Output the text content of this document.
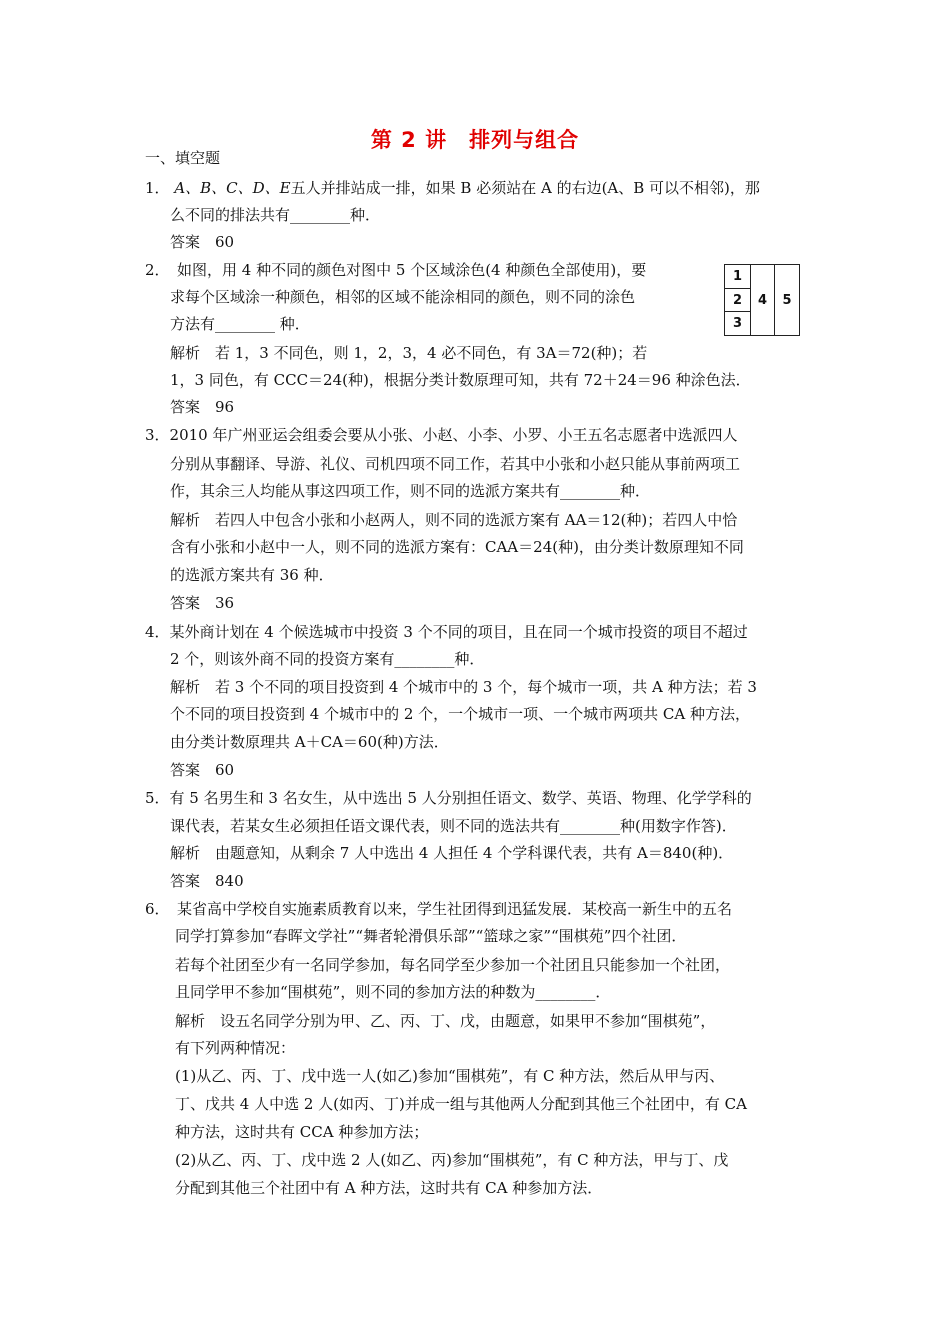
第 2 讲　排列与组合
一、填空题
1． A、B、C、D、E五人并排站成一排，如果 B 必须站在 A 的右边(A、B 可以不相邻)，那
么不同的排法共有________种．
答案　60
2．　如图，用 4 种不同的颜色对图中 5 个区域涂色(4 种颜色全部使用)，要
求每个区域涂一种颜色，相邻的区域不能涂相同的颜色，则不同的涂色
方法有________ 种．
解析　若 1，3 不同色，则 1，2，3，4 必不同色，有 3A＝72(种)；若
1，3 同色，有 CCC＝24(种)，根据分类计数原理可知，共有 72＋24＝96 种涂色法．
答案　96
1
2
3
4	5
3．2010 年广州亚运会组委会要从小张、小赵、小李、小罗、小王五名志愿者中选派四人
分别从事翻译、导游、礼仪、司机四项不同工作，若其中小张和小赵只能从事前两项工
作，其余三人均能从事这四项工作，则不同的选派方案共有________种．
解析　若四人中包含小张和小赵两人，则不同的选派方案有 AA＝12(种)；若四人中恰
含有小张和小赵中一人，则不同的选派方案有：CAA＝24(种)，由分类计数原理知不同
的选派方案共有 36 种．
答案　36
4．某外商计划在 4 个候选城市中投资 3 个不同的项目，且在同一个城市投资的项目不超过
2 个，则该外商不同的投资方案有________种．
解析　若 3 个不同的项目投资到 4 个城市中的 3 个，每个城市一项，共 A 种方法；若 3
个不同的项目投资到 4 个城市中的 2 个，一个城市一项、一个城市两项共 CA 种方法，
由分类计数原理共 A＋CA＝60(种)方法．
答案　60
5．有 5 名男生和 3 名女生，从中选出 5 人分别担任语文、数学、英语、物理、化学学科的
课代表，若某女生必须担任语文课代表，则不同的选法共有________种(用数字作答)．
解析　由题意知，从剩余 7 人中选出 4 人担任 4 个学科课代表，共有 A＝840(种)．
答案　840
6．　某省高中学校自实施素质教育以来，学生社团得到迅猛发展．某校高一新生中的五名
同学打算参加“春晖文学社”“舞者轮滑俱乐部”“篮球之家”“围棋苑”四个社团．
若每个社团至少有一名同学参加，每名同学至少参加一个社团且只能参加一个社团，
且同学甲不参加“围棋苑”，则不同的参加方法的种数为________．
解析　设五名同学分别为甲、乙、丙、丁、戊，由题意，如果甲不参加“围棋苑”，
有下列两种情况：
(1)从乙、丙、丁、戊中选一人(如乙)参加“围棋苑”，有 C 种方法，然后从甲与丙、
丁、戊共 4 人中选 2 人(如丙、丁)并成一组与其他两人分配到其他三个社团中，有 CA
种方法，这时共有 CCA 种参加方法；
(2)从乙、丙、丁、戊中选 2 人(如乙、丙)参加“围棋苑”，有 C 种方法，甲与丁、戊
分配到其他三个社团中有 A 种方法，这时共有 CA 种参加方法．
